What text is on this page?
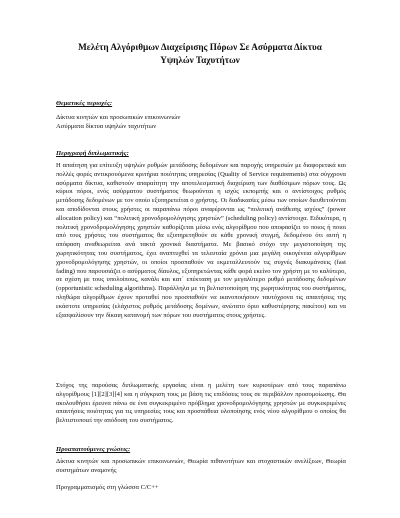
Μελέτη Αλγόριθμων Διαχείρισης Πόρων Σε Ασύρματα Δίκτυα
Υψηλών Ταχυτήτων
Θεματικές περιοχές:
Δίκτυα κινητών και προσωπικών επικοινωνιών
Ασύρματα δίκτυα υψηλών ταχυτήτων
Περιγραφή διπλωματικής:
Η απαίτηση για επίτευξη υψηλών ρυθμών μετάδοσης δεδομένων και παροχής υπηρεσιών με διαφορετικά και πολλές φορές αντικρουόμενα κριτήρια ποιότητας υπηρεσίας (Quality of Service requirements) στα σύγχρονα ασύρματα δίκτυα, καθιστούν απαραίτητη την αποτελεσματική διαχείριση των διαθέσιμων πόρων τους. Ως κύριοι πόροι, ενός ασύρματου συστήματος θεωρούνται η ισχύς εκπομπής και ο αντίστοιχος ρυθμός μετάδοσης δεδομένων με τον οποίο εξυπηρετείται ο χρήστης. Οι διαδικασίες μέσω των οποίων διευθετούνται και αποδίδονται στους χρήστες οι παραπάνω πόροι αναφέρονται ως “πολιτική ανάθεσης ισχύος” (power allocation policy) και “πολιτική χρονοδρομολόγησης χρηστών” (scheduling policy) αντίστοιχα. Ειδικότερα, η πολιτική χρονοδρομολόγησης χρηστών καθορίζεται μέσω ενός αλγορίθμου που αποφασίζει το ποιος ή ποιοι από τους χρήστες του συστήματος θα εξυπηρετηθούν σε κάθε χρονική στιγμή, δεδομένου ότι αυτή η απόφαση αναθεωρείται ανά τακτά χρονικά διαστήματα. Με βασικό στόχο την μεγιστοποίηση της χωρητικότητας του συστήματος, έχει αναπτυχθεί τα τελευταία χρόνια μια μεγάλη οικογένεια αλγορίθμων χρονοδρομολόγησης χρηστών, οι οποίοι προσπαθούν να εκμεταλλευτούν τις συχνές διακυμάνσεις (fast fading) που παρουσιάζει ο ασύρματος δίαυλος, εξυπηρετώντας κάθε φορά εκείνο τον χρήστη με το καλύτερο, σε σχέση με τους υπολοίπους, κανάλι και κατ΄ επέκταση με τον μεγαλύτερο ρυθμό μετάδοσης δεδομένων (opportunistic scheduling algorithms). Παράλληλα με τη βελτιστοποίηση της χωρητικότητας του συστήματος, πληθώρα αλγορίθμων έχουν προταθεί που προσπαθούν να ικανοποιήσουν ταυτόχρονα τις απαιτήσεις της εκάστοτε υπηρεσίας (ελάχιστος ρυθμός μετάδοσης δομένων, ανώτατο όριο καθυστέρησης πακέτου) και να εξασφαλίσουν την δίκαιη κατανομή των πόρων του συστήματος στους χρήστες.
Στόχος της παρούσας διπλωματικής εργασίας είναι η μελέτη των κυριοτέρων από τους παραπάνω αλγορίθμους [1][2][3][4] και η σύγκριση τους με βάση τις επιδόσεις τους σε περιβάλλον προσομοίωσης. Θα ακολουθήσει έρευνα πάνω σε ένα συγκεκριμένο πρόβλημα χρονοδρομολόγησης χρηστών με συγκεκριμένες απαιτήσεις ποιότητας για τις υπηρεσίες τους και προσπάθεια υλοποίησης ενός νέου αλγορίθμου ο οποίος θα βελτιστοποιεί την απόδοση του συστήματος.
Προαπαιτούμενες γνώσεις:
Δίκτυα κινητών και προσωπικών επικοινωνιών, Θεωρία πιθανοτήτων και στοχαστικών ανελίξεων, Θεωρία συστημάτων αναμονής
Προγραμματισμός στη γλώσσα C/C++
